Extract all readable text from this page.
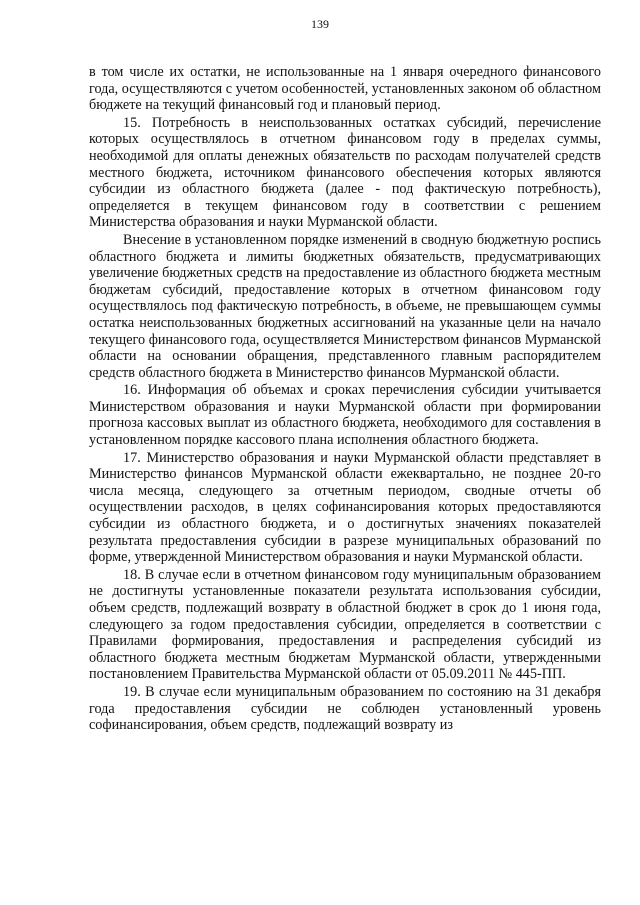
139

в том числе их остатки, не использованные на 1 января очередного финансового года, осуществляются с учетом особенностей, установленных законом об областном бюджете на текущий финансовый год и плановый период.

15. Потребность в неиспользованных остатках субсидий, перечисление которых осуществлялось в отчетном финансовом году в пределах суммы, необходимой для оплаты денежных обязательств по расходам получателей средств местного бюджета, источником финансового обеспечения которых являются субсидии из областного бюджета (далее - под фактическую потребность), определяется в текущем финансовом году в соответствии с решением Министерства образования и науки Мурманской области.

Внесение в установленном порядке изменений в сводную бюджетную роспись областного бюджета и лимиты бюджетных обязательств, предусматривающих увеличение бюджетных средств на предоставление из областного бюджета местным бюджетам субсидий, предоставление которых в отчетном финансовом году осуществлялось под фактическую потребность, в объеме, не превышающем суммы остатка неиспользованных бюджетных ассигнований на указанные цели на начало текущего финансового года, осуществляется Министерством финансов Мурманской области на основании обращения, представленного главным распорядителем средств областного бюджета в Министерство финансов Мурманской области.

16. Информация об объемах и сроках перечисления субсидии учитывается Министерством образования и науки Мурманской области при формировании прогноза кассовых выплат из областного бюджета, необходимого для составления в установленном порядке кассового плана исполнения областного бюджета.

17. Министерство образования и науки Мурманской области представляет в Министерство финансов Мурманской области ежеквартально, не позднее 20-го числа месяца, следующего за отчетным периодом, сводные отчеты об осуществлении расходов, в целях софинансирования которых предоставляются субсидии из областного бюджета, и о достигнутых значениях показателей результата предоставления субсидии в разрезе муниципальных образований по форме, утвержденной Министерством образования и науки Мурманской области.

18. В случае если в отчетном финансовом году муниципальным образованием не достигнуты установленные показатели результата использования субсидии, объем средств, подлежащий возврату в областной бюджет в срок до 1 июня года, следующего за годом предоставления субсидии, определяется в соответствии с Правилами формирования, предоставления и распределения субсидий из областного бюджета местным бюджетам Мурманской области, утвержденными постановлением Правительства Мурманской области от 05.09.2011 № 445-ПП.

19. В случае если муниципальным образованием по состоянию на 31 декабря года предоставления субсидии не соблюден установленный уровень софинансирования, объем средств, подлежащий возврату из
